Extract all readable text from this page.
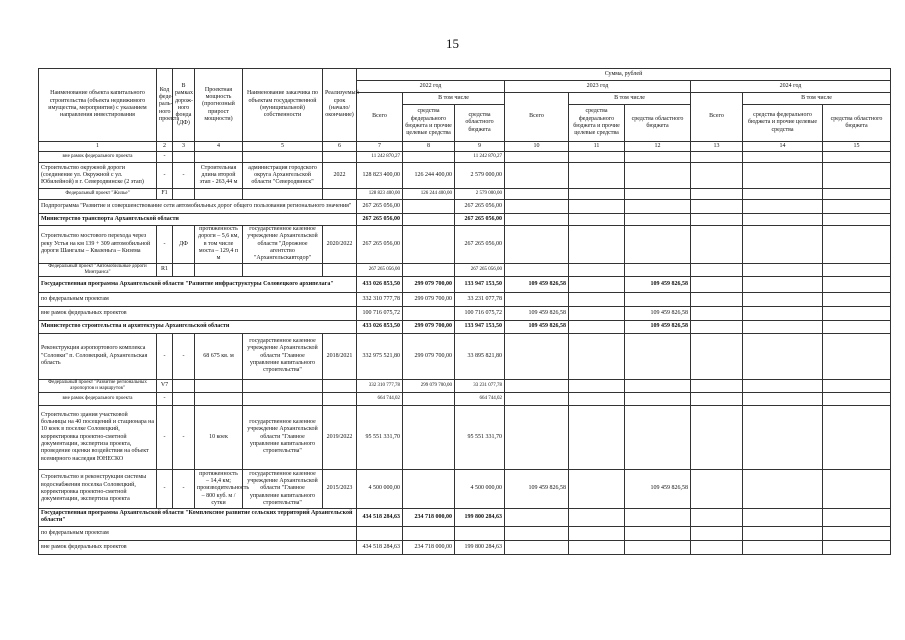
15
Наименование объекта капитального строительства (объекта недвижимого имущества, мероприятия) с указанием направления инвестирования	Код феде-раль-ного проекта	В рамках дорож-ного фонда (ДФ)	Проектная мощность (прогнозный прирост мощности)	Наименование заказчика по объектам государственной (муниципальной) собственности	Реализуемый срок (начало/окончание)	Сумма, рублей								
						2022 год			2023 год			2024 год		
						Всего	В том числе		Всего	В том числе		Всего	В том числе	
							средства федерального бюджета и прочие целевые средства	средства областного бюджета		средства федерального бюджета и прочие целевые средства	средства областного бюджета		средства федерального бюджета и прочие целевые средства	средства областного бюджета
1	2	3	4	5	6	7	8	9	10	11	12	13	14	15
вне рамок федерального проекта	-					11 242 870,27		11 242 870,27						
Строительство окружной дороги (соединение ул. Окружной с ул. Юбилейной) в г. Северодвинске (2 этап)	-	-	Строительная длина второй этап - 263,44 м	администрация городского округа Архангельской области "Северодвинск"	2022	128 823 400,00	126 244 400,00	2 579 000,00						
Федеральный проект "Жилье"	F1					128 823 400,00	126 244 400,00	2 579 000,00						
Подпрограмма "Развитие и совершенствование сети автомобильных дорог общего пользования регионального значения"						267 265 056,00		267 265 056,00						
Министерство транспорта Архангельской области						267 265 056,00		267 265 056,00						
Строительство мостового перехода через реку Устья на км 139 + 309 автомобильной дороги Шангалы – Квазеньга – Кизема	-	ДФ	протяженность дороги – 5,6 км, в том числе моста – 129,4 п м	государственное казенное учреждение Архангельской области "Дорожное агентство "Архангельскавтодор"	2020/2022	267 265 056,00		267 265 056,00						
Федеральный проект "Автомобильные дороги Минтранса"	R1					267 265 056,00		267 265 056,00						
Государственная программа Архангельской области "Развитие инфраструктуры Соловецкого архипелага"						433 026 853,50	299 079 700,00	133 947 153,50	109 459 826,58		109 459 826,58			
по федеральным проектам						332 310 777,78	299 079 700,00	33 231 077,78						
вне рамок федеральных проектов						100 716 075,72		100 716 075,72	109 459 826,58		109 459 826,58			
Министерство строительства и архитектуры Архангельской области						433 026 853,50	299 079 700,00	133 947 153,50	109 459 826,58		109 459 826,58			
Реконструкция аэропортового комплекса "Соловки" п. Соловецкий, Архангельская область	-	-	68 675 кв. м	государственное казенное учреждение Архангельской области "Главное управление капитального строительства"	2018/2021	332 975 521,80	299 079 700,00	33 895 821,80						
Федеральный проект "Развитие региональных аэропортов и маршрутов"	V7					332 310 777,78	299 079 700,00	33 231 077,78						
вне рамок федерального проекта	-					664 744,02		664 744,02						
Строительство здания участковой больницы на 40 посещений и стационара на 10 коек в поселке Соловецкий, корректировка проектно-сметной документации, экспертиза проекта, проведение оценки воздействия на объект всемирного наследия ЮНЕСКО	-	-	10 коек	государственное казенное учреждение Архангельской области "Главное управление капитального строительства"	2019/2022	95 551 331,70		95 551 331,70						
Строительство и реконструкция системы водоснабжения поселка Соловецкий, корректировка проектно-сметной документации, экспертиза проекта	-	-	протяженность – 14,4 км; производительность – 800 куб. м / сутки	государственное казенное учреждение Архангельской области "Главное управление капитального строительства"	2015/2023	4 500 000,00		4 500 000,00	109 459 826,58		109 459 826,58			
Государственная программа Архангельской области "Комплексное развитие сельских территорий Архангельской области"						434 518 284,63	234 718 000,00	199 800 284,63						
по федеральным проектам														
вне рамок федеральных проектов						434 518 284,63	234 718 000,00	199 800 284,63						
